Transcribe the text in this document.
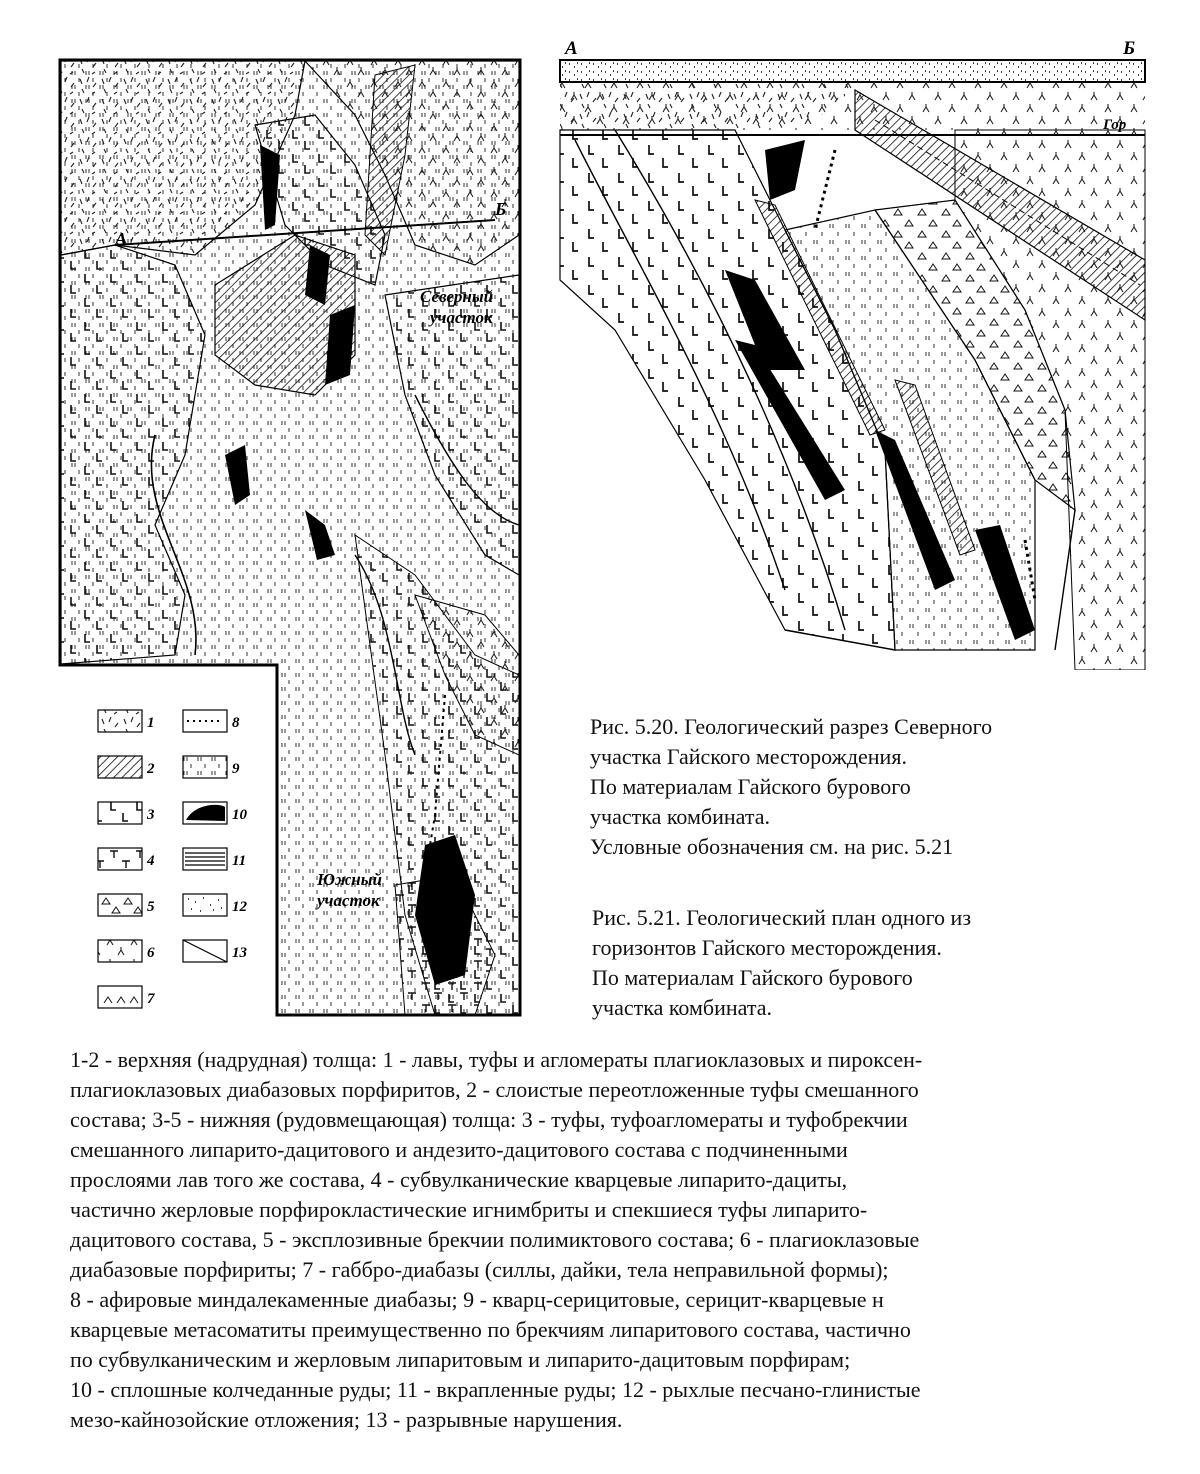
А
Б
Северный
участок
Южный
участок
1
2
3
4
5
6
7
8
9
10
11
12
13
А	Б
Гор
Рис. 5.20. Геологический разрез Северного
участка Гайского месторождения.
По материалам Гайского бурового
участка комбината.
Условные обозначения см. на рис. 5.21
Рис. 5.21. Геологический план одного из
горизонтов Гайского месторождения.
По материалам Гайского бурового
участка комбината.
1-2 - верхняя (надрудная) толща: 1 - лавы, туфы и агломераты плагиоклазовых и пироксен-
плагиоклазовых диабазовых порфиритов, 2 - слоистые переотложенные туфы смешанного
состава; 3-5 - нижняя (рудовмещающая) толща: 3 - туфы, туфоагломераты и туфобрекчии
смешанного липарито-дацитового и андезито-дацитового состава с подчиненными
прослоями лав того же состава, 4 - субвулканические кварцевые липарито-дациты,
частично жерловые порфирокластические игнимбриты и спекшиеся туфы липарито-
дацитового состава, 5 - эксплозивные брекчии полимиктового состава; 6 - плагиоклазовые
диабазовые порфириты; 7 - габбро-диабазы (силлы, дайки, тела неправильной формы);
8 - афировые миндалекаменные диабазы; 9 - кварц-серицитовые, серицит-кварцевые н
кварцевые метасоматиты преимущественно по брекчиям липаритового состава, частично
по субвулканическим и жерловым липаритовым и липарито-дацитовым порфирам;
10 - сплошные колчеданные руды; 11 - вкрапленные руды; 12 - рыхлые песчано-глинистые
мезо-кайнозойские отложения; 13 - разрывные нарушения.
